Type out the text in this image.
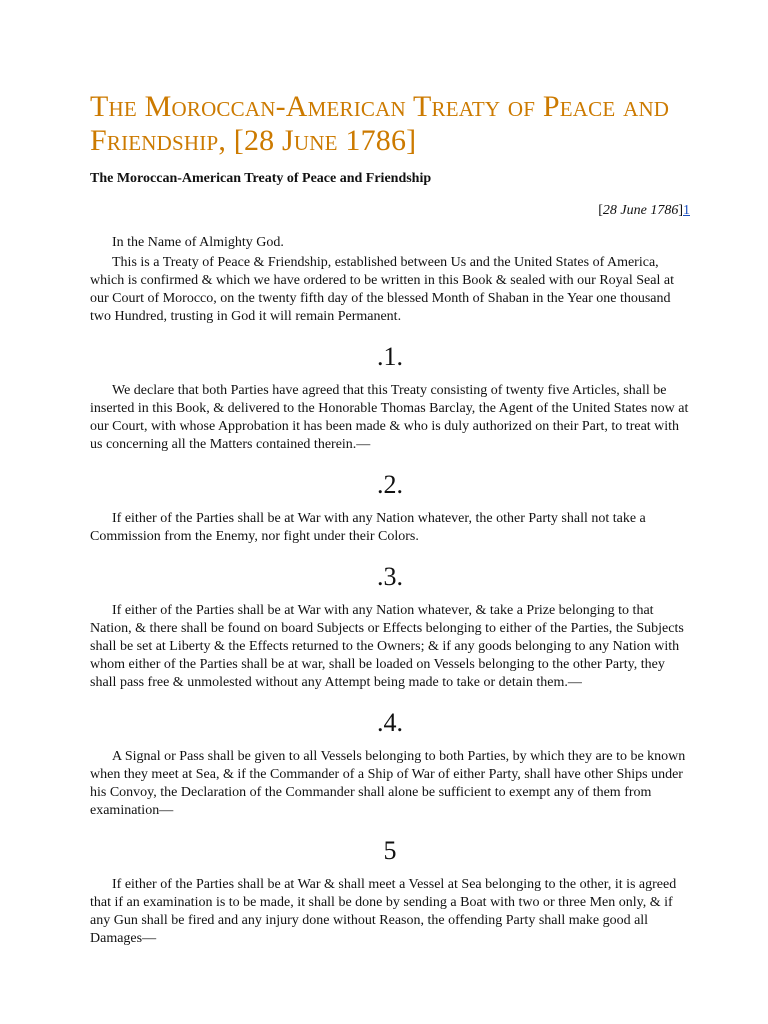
The Moroccan-American Treaty of Peace and Friendship, [28 June 1786]
The Moroccan-American Treaty of Peace and Friendship
[28 June 1786]1

In the Name of Almighty God.

This is a Treaty of Peace & Friendship, established between Us and the United States of America, which is confirmed & which we have ordered to be written in this Book & sealed with our Royal Seal at our Court of Morocco, on the twenty fifth day of the blessed Month of Shaban in the Year one thousand two Hundred, trusting in God it will remain Permanent.

.1.

We declare that both Parties have agreed that this Treaty consisting of twenty five Articles, shall be inserted in this Book, & delivered to the Honorable Thomas Barclay, the Agent of the United States now at our Court, with whose Approbation it has been made & who is duly authorized on their Part, to treat with us concerning all the Matters contained therein.—

.2.

If either of the Parties shall be at War with any Nation whatever, the other Party shall not take a Commission from the Enemy, nor fight under their Colors.

.3.

If either of the Parties shall be at War with any Nation whatever, & take a Prize belonging to that Nation, & there shall be found on board Subjects or Effects belonging to either of the Parties, the Subjects shall be set at Liberty & the Effects returned to the Owners; & if any goods belonging to any Nation with whom either of the Parties shall be at war, shall be loaded on Vessels belonging to the other Party, they shall pass free & unmolested without any Attempt being made to take or detain them.—

.4.

A Signal or Pass shall be given to all Vessels belonging to both Parties, by which they are to be known when they meet at Sea, & if the Commander of a Ship of War of either Party, shall have other Ships under his Convoy, the Declaration of the Commander shall alone be sufficient to exempt any of them from examination—

5

If either of the Parties shall be at War & shall meet a Vessel at Sea belonging to the other, it is agreed that if an examination is to be made, it shall be done by sending a Boat with two or three Men only, & if any Gun shall be fired and any injury done without Reason, the offending Party shall make good all Damages—
